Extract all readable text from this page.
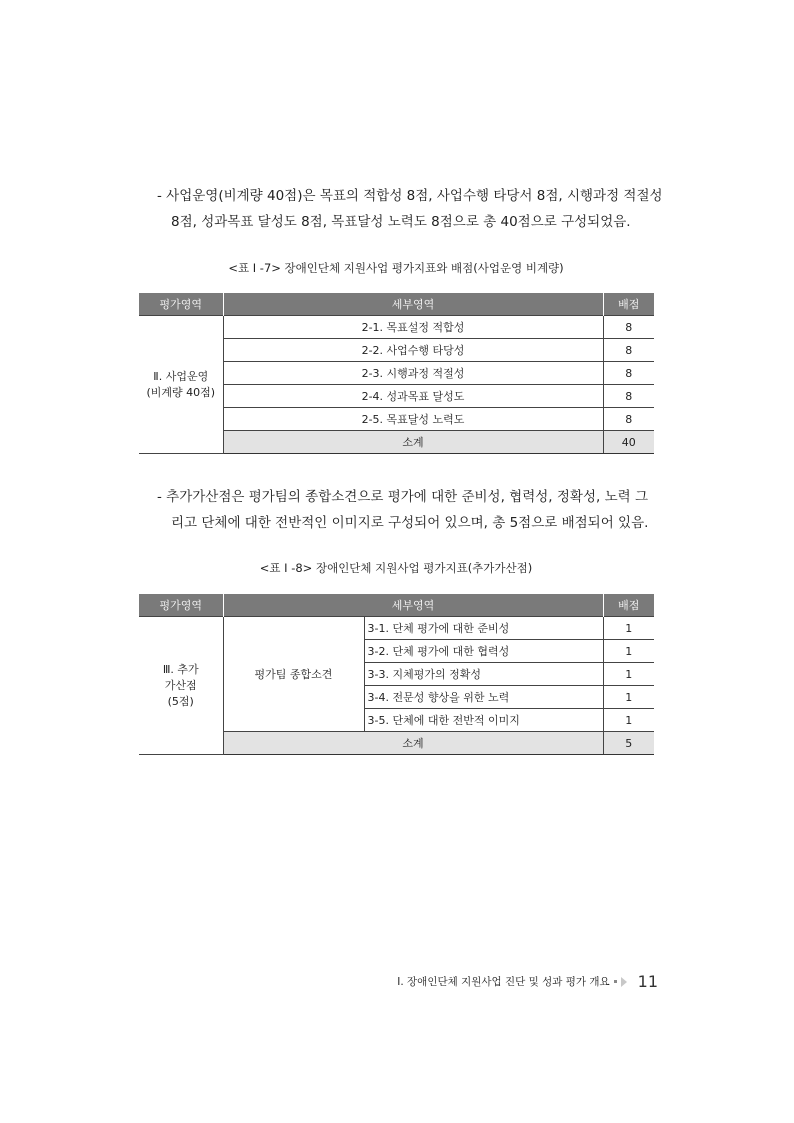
- 사업운영(비계량 40점)은 목표의 적합성 8점, 사업수행 타당서 8점, 시행과정 적절성
8점, 성과목표 달성도 8점, 목표달성 노력도 8점으로 총 40점으로 구성되었음.
<표 Ⅰ -7> 장애인단체 지원사업 평가지표와 배점(사업운영 비계량)
평가영역	세부영역	배점

Ⅱ. 사업운영
(비계량 40점)	2-1. 목표설정 적합성	8
	2-2. 사업수행 타당성	8
	2-3. 시행과정 적절성	8
	2-4. 성과목표 달성도	8
	2-5. 목표달성 노력도	8
	소계	40
- 추가가산점은 평가팀의 종합소견으로 평가에 대한 준비성, 협력성, 정확성, 노력 그
리고 단체에 대한 전반적인 이미지로 구성되어 있으며, 총 5점으로 배점되어 있음.
<표 Ⅰ -8> 장애인단체 지원사업 평가지표(추가가산점)
평가영역	세부영역		배점

Ⅲ. 추가
가산점
(5점)	평가팀 종합소견	3-1. 단체 평가에 대한 준비성	1
		3-2. 단체 평가에 대한 협력성	1
		3-3. 지체평가의 정확성	1
		3-4. 전문성 향상을 위한 노력	1
		3-5. 단체에 대한 전반적 이미지	1
	소계		5
Ⅰ. 장애인단체 지원사업 진단 및 성과 평가 개요 11
